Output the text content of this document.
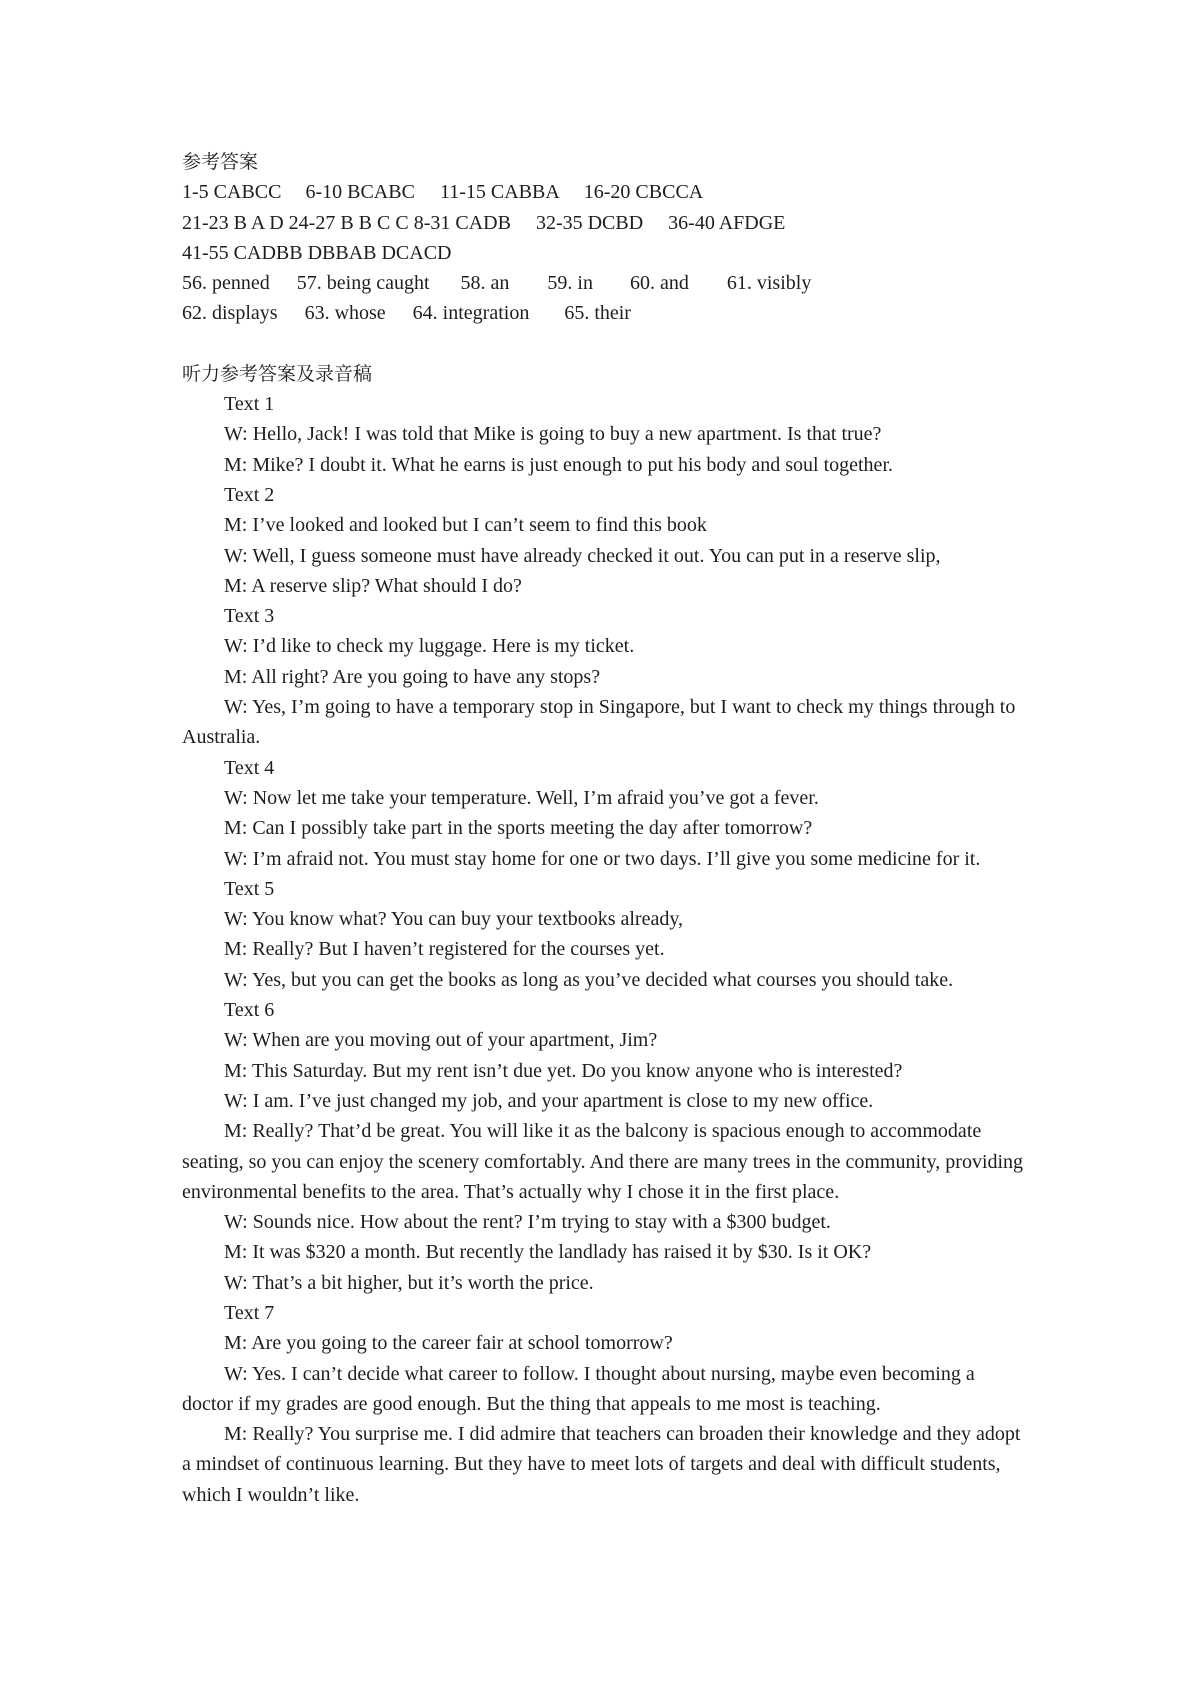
参考答案
1-5 CABCC 6-10 BCABC 11-15 CABBA 16-20 CBCCA
21-23 B A D 24-27 B B C C 8-31 CADB 32-35 DCBD 36-40 AFDGE
41-55 CADBB DBBAB DCACD
56. penned 57. being caught 58. an 59. in 60. and 61. visibly
62. displays 63. whose 64. integration 65. their
听力参考答案及录音稿
Text 1
W: Hello, Jack! I was told that Mike is going to buy a new apartment. Is that true?
M: Mike? I doubt it. What he earns is just enough to put his body and soul together.
Text 2
M: I’ve looked and looked but I can’t seem to find this book
W: Well, I guess someone must have already checked it out. You can put in a reserve slip,
M: A reserve slip? What should I do?
Text 3
W: I’d like to check my luggage. Here is my ticket.
M: All right? Are you going to have any stops?
W: Yes, I’m going to have a temporary stop in Singapore, but I want to check my things through to Australia.
Text 4
W: Now let me take your temperature. Well, I’m afraid you’ve got a fever.
M: Can I possibly take part in the sports meeting the day after tomorrow?
W: I’m afraid not. You must stay home for one or two days. I’ll give you some medicine for it.
Text 5
W: You know what? You can buy your textbooks already,
M: Really? But I haven’t registered for the courses yet.
W: Yes, but you can get the books as long as you’ve decided what courses you should take.
Text 6
W: When are you moving out of your apartment, Jim?
M: This Saturday. But my rent isn’t due yet. Do you know anyone who is interested?
W: I am. I’ve just changed my job, and your apartment is close to my new office.
M: Really? That’d be great. You will like it as the balcony is spacious enough to accommodate seating, so you can enjoy the scenery comfortably. And there are many trees in the community, providing environmental benefits to the area. That’s actually why I chose it in the first place.
W: Sounds nice. How about the rent? I’m trying to stay with a $300 budget.
M: It was $320 a month. But recently the landlady has raised it by $30. Is it OK?
W: That’s a bit higher, but it’s worth the price.
Text 7
M: Are you going to the career fair at school tomorrow?
W: Yes. I can’t decide what career to follow. I thought about nursing, maybe even becoming a doctor if my grades are good enough. But the thing that appeals to me most is teaching.
M: Really? You surprise me. I did admire that teachers can broaden their knowledge and they adopt a mindset of continuous learning. But they have to meet lots of targets and deal with difficult students, which I wouldn’t like.
